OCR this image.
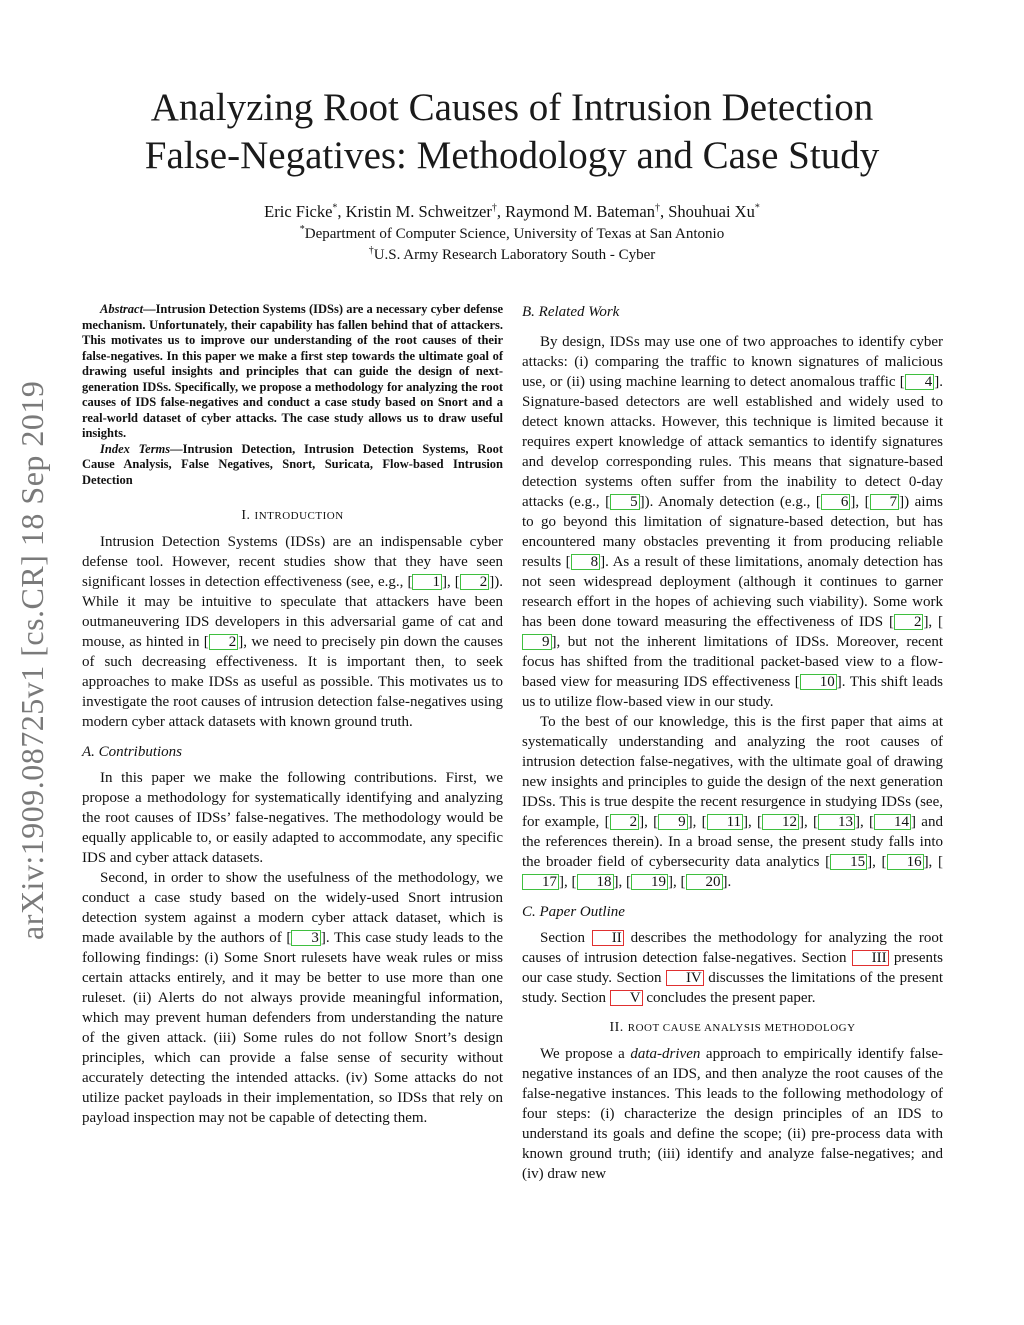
arXiv:1909.08725v1 [cs.CR] 18 Sep 2019
Analyzing Root Causes of Intrusion Detection
False-Negatives: Methodology and Case Study
Eric Ficke*, Kristin M. Schweitzer†, Raymond M. Bateman†, Shouhuai Xu*
*Department of Computer Science, University of Texas at San Antonio
†U.S. Army Research Laboratory South - Cyber

Abstract—Intrusion Detection Systems (IDSs) are a necessary cyber defense mechanism. Unfortunately, their capability has fallen behind that of attackers. This motivates us to improve our understanding of the root causes of their false-negatives. In this paper we make a first step towards the ultimate goal of drawing useful insights and principles that can guide the design of next-generation IDSs. Specifically, we propose a methodology for analyzing the root causes of IDS false-negatives and conduct a case study based on Snort and a real-world dataset of cyber attacks. The case study allows us to draw useful insights.

Index Terms—Intrusion Detection, Intrusion Detection Systems, Root Cause Analysis, False Negatives, Snort, Suricata, Flow-based Intrusion Detection

I. INTRODUCTION

Intrusion Detection Systems (IDSs) are an indispensable cyber defense tool. However, recent studies show that they have seen significant losses in detection effectiveness (see, e.g., [ 1 ], [ 2 ]). While it may be intuitive to speculate that attackers have been outmaneuvering IDS developers in this adversarial game of cat and mouse, as hinted in [ 2 ], we need to precisely pin down the causes of such decreasing effectiveness. It is important then, to seek approaches to make IDSs as useful as possible. This motivates us to investigate the root causes of intrusion detection false-negatives using modern cyber attack datasets with known ground truth.

A. Contributions

In this paper we make the following contributions. First, we propose a methodology for systematically identifying and analyzing the root causes of IDSs’ false-negatives. The methodology would be equally applicable to, or easily adapted to accommodate, any specific IDS and cyber attack datasets.

Second, in order to show the usefulness of the methodology, we conduct a case study based on the widely-used Snort intrusion detection system against a modern cyber attack dataset, which is made available by the authors of [ 3 ]. This case study leads to the following findings: (i) Some Snort rulesets have weak rules or miss certain attacks entirely, and it may be better to use more than one ruleset. (ii) Alerts do not always provide meaningful information, which may prevent human defenders from understanding the nature of the given attack. (iii) Some rules do not follow Snort’s design principles, which can provide a false sense of security without accurately detecting the intended attacks. (iv) Some attacks do not utilize packet payloads in their implementation, so IDSs that rely on payload inspection may not be capable of detecting them.

B. Related Work

By design, IDSs may use one of two approaches to identify cyber attacks: (i) comparing the traffic to known signatures of malicious use, or (ii) using machine learning to detect anomalous traffic [ 4 ]. Signature-based detectors are well established and widely used to detect known attacks. However, this technique is limited because it requires expert knowledge of attack semantics to identify signatures and develop corresponding rules. This means that signature-based detection systems often suffer from the inability to detect 0-day attacks (e.g., [ 5 ]). Anomaly detection (e.g., [ 6 ], [ 7 ]) aims to go beyond this limitation of signature-based detection, but has encountered many obstacles preventing it from producing reliable results [ 8 ]. As a result of these limitations, anomaly detection has not seen widespread deployment (although it continues to garner research effort in the hopes of achieving such viability). Some work has been done toward measuring the effectiveness of IDS [ 2 ], [9 ], but not the inherent limitations of IDSs. Moreover, recent focus has shifted from the traditional packet-based view to a flow-based view for measuring IDS effectiveness [ 10 ]. This shift leads us to utilize flow-based view in our study.

To the best of our knowledge, this is the first paper that aims at systematically understanding and analyzing the root causes of intrusion detection false-negatives, with the ultimate goal of drawing new insights and principles to guide the design of the next generation IDSs. This is true despite the recent resurgence in studying IDSs (see, for example, [ 2 ], [ 9 ], [ 11 ], [ 12 ], [ 13 ], [ 14 ] and the references therein). In a broad sense, the present study falls into the broader field of cybersecurity data analytics [ 15 ], [ 16 ], [17 ], [ 18 ], [ 19 ], [ 20 ].

C. Paper Outline

Section II describes the methodology for analyzing the root causes of intrusion detection false-negatives. Section III presents our case study. Section IV discusses the limitations of the present study. Section V concludes the present paper.

II. ROOT CAUSE ANALYSIS METHODOLOGY

We propose a data-driven approach to empirically identify false-negative instances of an IDS, and then analyze the root causes of the false-negative instances. This leads to the following methodology of four steps: (i) characterize the design principles of an IDS to understand its goals and define the scope; (ii) pre-process data with known ground truth; (iii) identify and analyze false-negatives; and (iv) draw new
